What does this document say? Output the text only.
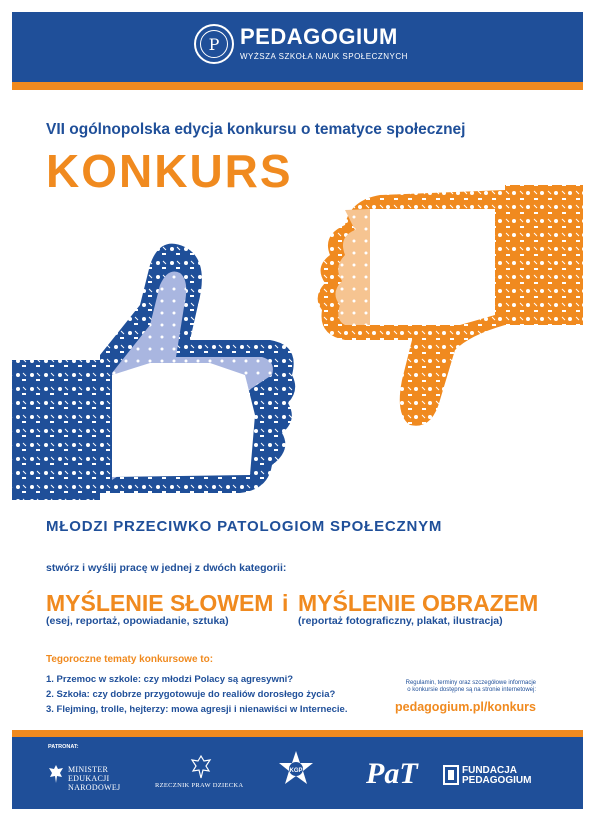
P PEDAGOGIUM
WYŻSZA SZKOŁA NAUK SPOŁECZNYCH
VII ogólnopolska edycja konkursu o tematyce społecznej
KONKURS
MŁODZI PRZECIWKO PATOLOGIOM SPOŁECZNYM
stwórz i wyślij pracę w jednej z dwóch kategorii:
MYŚLENIE SŁOWEM i MYŚLENIE OBRAZEM
(esej, reportaż, opowiadanie, sztuka)	(reportaż fotograficzny, plakat, ilustracja)
Tegoroczne tematy konkursowe to:
1. Przemoc w szkole: czy młodzi Polacy są agresywni?
2. Szkoła: czy dobrze przygotowuje do realiów dorosłego życia?
3. Flejming, trolle, hejterzy: mowa agresji i nienawiści w Internecie.
Regulamin, terminy oraz szczegółowe informacje
o konkursie dostępne są na stronie internetowej:
pedagogium.pl/konkurs
PATRONAT:
MINISTER
EDUKACJI
NARODOWEJ	RZECZNIK PRAW DZIECKA
KGP PaT	FUNDACJA
PEDAGOGIUM
